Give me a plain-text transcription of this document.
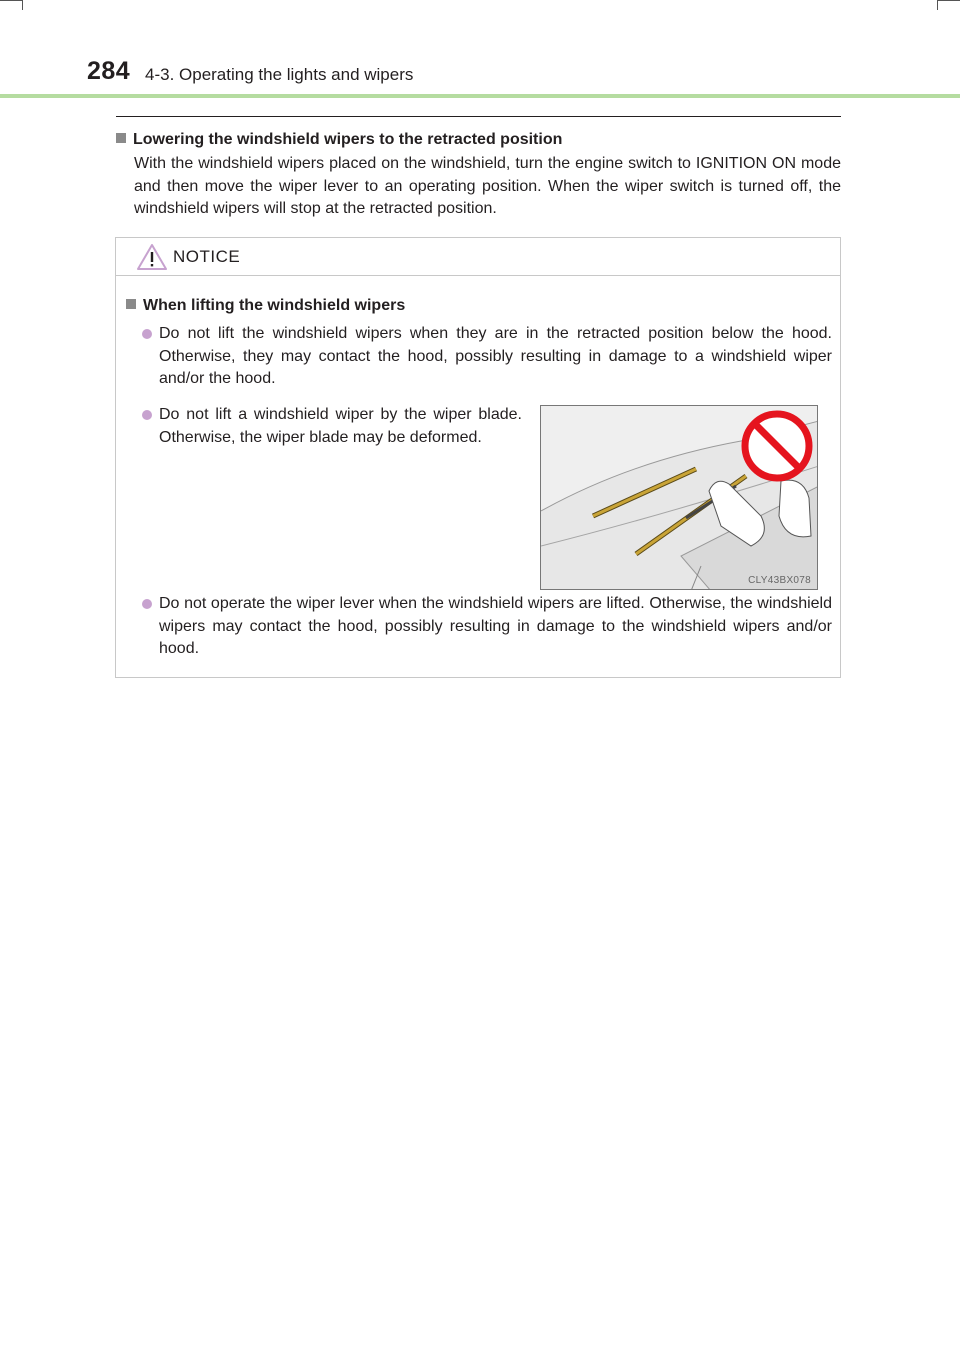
284 4-3. Operating the lights and wipers
Lowering the windshield wipers to the retracted position
With the windshield wipers placed on the windshield, turn the engine switch to IGNITION ON mode and then move the wiper lever to an operating position. When the wiper switch is turned off, the windshield wipers will stop at the retracted position.
NOTICE
When lifting the windshield wipers
Do not lift the windshield wipers when they are in the retracted position below the hood. Otherwise, they may contact the hood, possibly resulting in damage to a windshield wiper and/or the hood.
Do not lift a windshield wiper by the wiper blade. Otherwise, the wiper blade may be deformed.
CLY43BX078
Do not operate the wiper lever when the windshield wipers are lifted. Otherwise, the windshield wipers may contact the hood, possibly resulting in damage to the windshield wipers and/or hood.
